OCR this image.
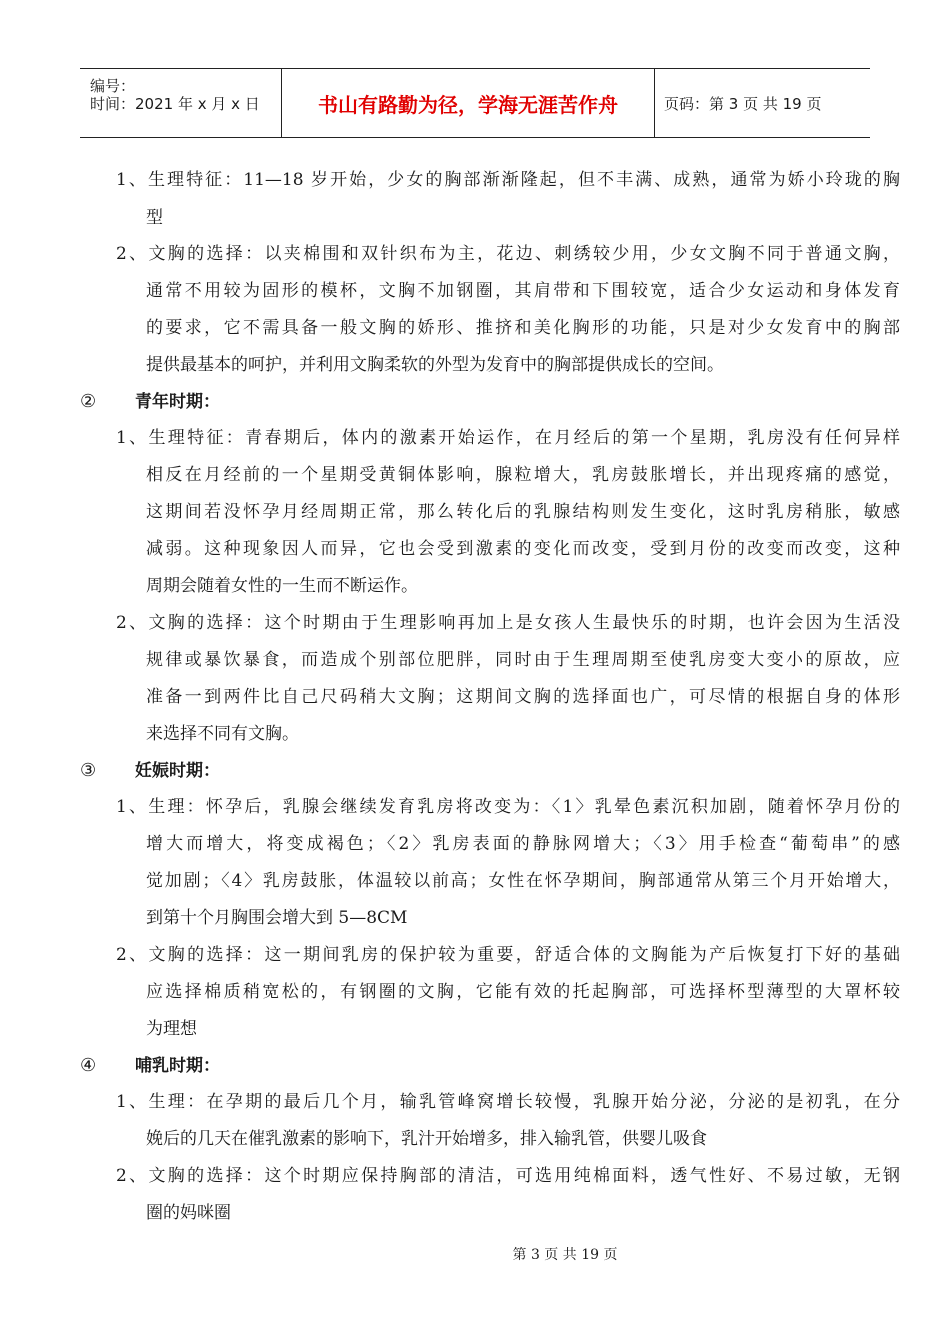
编号：
时间：2021 年 x 月 x 日	书山有路勤为径，学海无涯苦作舟	页码：第 3 页 共 19 页
1、生理特征：11—18 岁开始，少女的胸部渐渐隆起，但不丰满、成熟，通常为娇小玲珑的胸
型
2、文胸的选择：以夹棉围和双针织布为主，花边、刺绣较少用，少女文胸不同于普通文胸，
通常不用较为固形的模杯，文胸不加钢圈，其肩带和下围较宽，适合少女运动和身体发育
的要求，它不需具备一般文胸的娇形、推挤和美化胸形的功能，只是对少女发育中的胸部
提供最基本的呵护，并利用文胸柔软的外型为发育中的胸部提供成长的空间。
② 青年时期：
1、生理特征：青春期后，体内的激素开始运作，在月经后的第一个星期，乳房没有任何异样
相反在月经前的一个星期受黄铜体影响，腺粒增大，乳房鼓胀增长，并出现疼痛的感觉，
这期间若没怀孕月经周期正常，那么转化后的乳腺结构则发生变化，这时乳房稍胀，敏感
减弱。这种现象因人而异，它也会受到激素的变化而改变，受到月份的改变而改变，这种
周期会随着女性的一生而不断运作。
2、文胸的选择：这个时期由于生理影响再加上是女孩人生最快乐的时期，也许会因为生活没
规律或暴饮暴食，而造成个别部位肥胖，同时由于生理周期至使乳房变大变小的原故，应
准备一到两件比自己尺码稍大文胸；这期间文胸的选择面也广，可尽情的根据自身的体形
来选择不同有文胸。
③ 妊娠时期：
1、生理：怀孕后，乳腺会继续发育乳房将改变为：〈1〉乳晕色素沉积加剧，随着怀孕月份的
增大而增大，将变成褐色；〈2〉乳房表面的静脉网增大；〈3〉用手检查“葡萄串”的感
觉加剧；〈4〉乳房鼓胀，体温较以前高；女性在怀孕期间，胸部通常从第三个月开始增大，
到第十个月胸围会增大到 5—8CM
2、文胸的选择：这一期间乳房的保护较为重要，舒适合体的文胸能为产后恢复打下好的基础
应选择棉质稍宽松的，有钢圈的文胸，它能有效的托起胸部，可选择杯型薄型的大罩杯较
为理想
④ 哺乳时期：
1、生理：在孕期的最后几个月，输乳管峰窝增长较慢，乳腺开始分泌，分泌的是初乳，在分
娩后的几天在催乳激素的影响下，乳汁开始增多，排入输乳管，供婴儿吸食
2、文胸的选择：这个时期应保持胸部的清洁，可选用纯棉面料，透气性好、不易过敏，无钢
圈的妈咪圈
第 3 页 共 19 页
